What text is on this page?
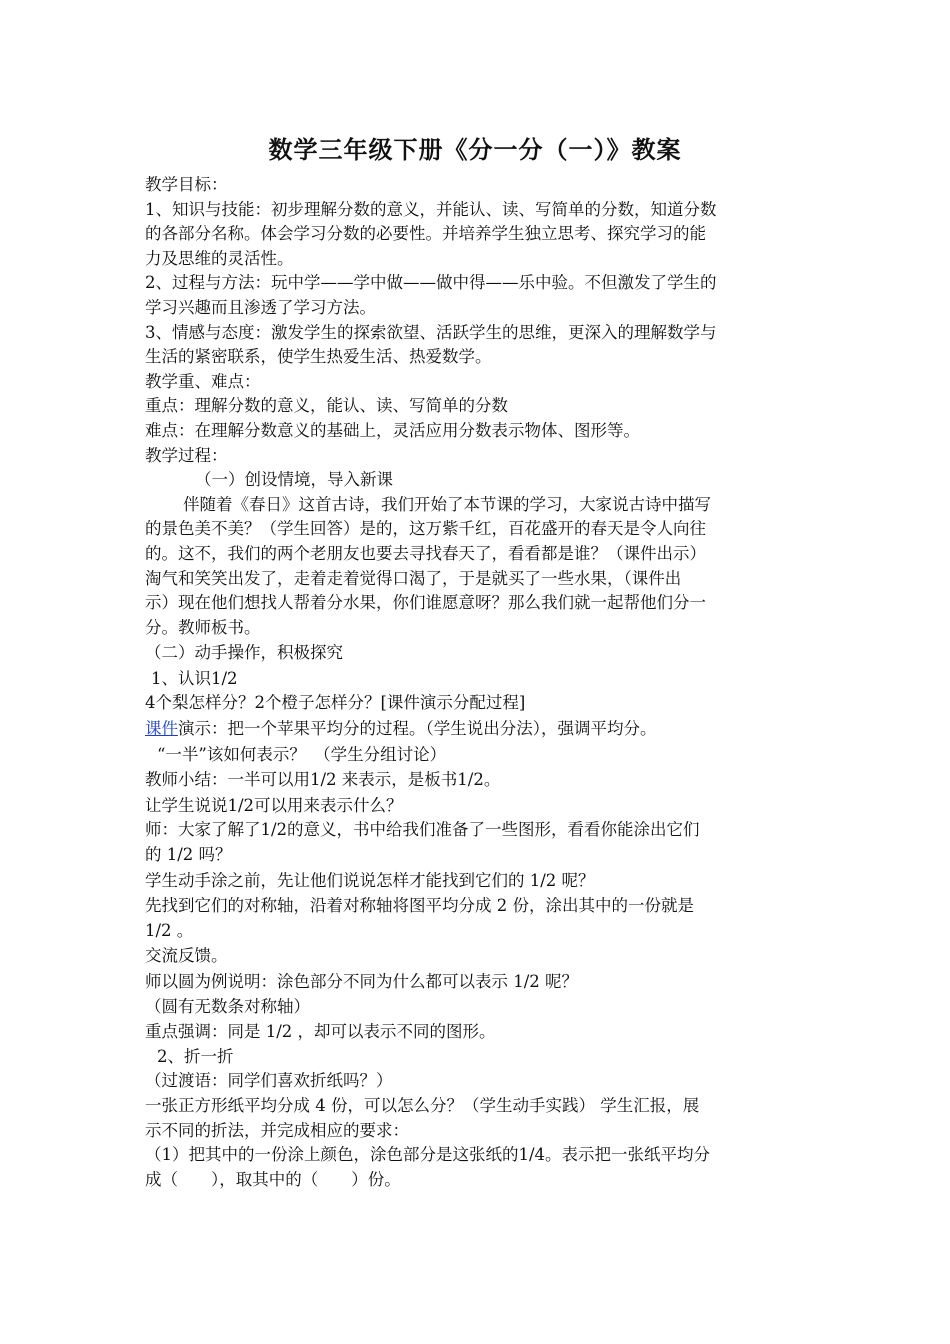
数学三年级下册《分一分（一）》教案
教学目标：
1、知识与技能：初步理解分数的意义，并能认、读、写简单的分数，知道分数
的各部分名称。体会学习分数的必要性。并培养学生独立思考、探究学习的能
力及思维的灵活性。
2、过程与方法：玩中学——学中做——做中得——乐中验。不但激发了学生的
学习兴趣而且渗透了学习方法。
3、情感与态度：激发学生的探索欲望、活跃学生的思维，更深入的理解数学与
生活的紧密联系，使学生热爱生活、热爱数学。
教学重、难点：
重点：理解分数的意义，能认、读、写简单的分数
难点：在理解分数意义的基础上，灵活应用分数表示物体、图形等。
教学过程：
（一）创设情境，导入新课
伴随着《春日》这首古诗，我们开始了本节课的学习，大家说古诗中描写
的景色美不美？（学生回答）是的，这万紫千红，百花盛开的春天是令人向往
的。这不，我们的两个老朋友也要去寻找春天了，看看都是谁？（课件出示）
淘气和笑笑出发了，走着走着觉得口渴了，于是就买了一些水果，（课件出
示）现在他们想找人帮着分水果，你们谁愿意呀？那么我们就一起帮他们分一
分。教师板书。
（二）动手操作，积极探究
1、认识1/2
4个梨怎样分？2个橙子怎样分？[课件演示分配过程]
课件演示：把一个苹果平均分的过程。（学生说出分法），强调平均分。
“一半”该如何表示？　（学生分组讨论）
教师小结：一半可以用1/2 来表示，是板书1/2。
让学生说说1/2可以用来表示什么？
师：大家了解了1/2的意义，书中给我们准备了一些图形，看看你能涂出它们
的 1/2 吗？
学生动手涂之前，先让他们说说怎样才能找到它们的 1/2 呢？
先找到它们的对称轴，沿着对称轴将图平均分成 2 份，涂出其中的一份就是
1/2 。
交流反馈。
师以圆为例说明：涂色部分不同为什么都可以表示 1/2 呢？
（圆有无数条对称轴）
重点强调：同是 1/2 ，却可以表示不同的图形。
2、折一折
（过渡语：同学们喜欢折纸吗？）
一张正方形纸平均分成 4 份，可以怎么分？（学生动手实践） 学生汇报，展
示不同的折法，并完成相应的要求：
（1）把其中的一份涂上颜色，涂色部分是这张纸的1/4。表示把一张纸平均分
成（　　），取其中的（　　）份。
